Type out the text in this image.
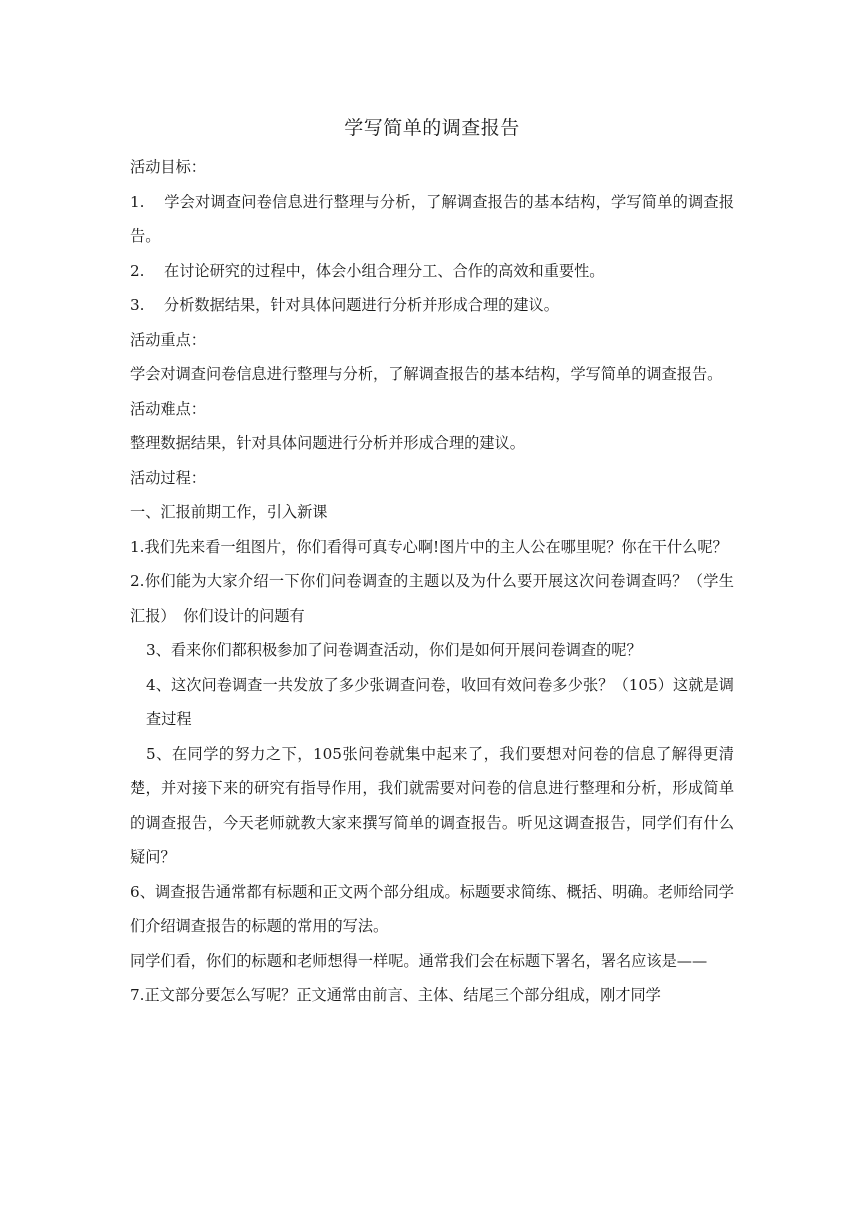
学写简单的调查报告

活动目标：

1. 学会对调查问卷信息进行整理与分析，了解调查报告的基本结构，学写简单的调查报告。

2. 在讨论研究的过程中，体会小组合理分工、合作的高效和重要性。

3. 分析数据结果，针对具体问题进行分析并形成合理的建议。

活动重点：

学会对调查问卷信息进行整理与分析，了解调查报告的基本结构，学写简单的调查报告。

活动难点：

整理数据结果，针对具体问题进行分析并形成合理的建议。

活动过程：

一、汇报前期工作，引入新课

1.我们先来看一组图片，你们看得可真专心啊!图片中的主人公在哪里呢？你在干什么呢？

2.你们能为大家介绍一下你们问卷调查的主题以及为什么要开展这次问卷调查吗？（学生汇报）　你们设计的问题有

3、看来你们都积极参加了问卷调查活动，你们是如何开展问卷调查的呢？

4、这次问卷调查一共发放了多少张调查问卷，收回有效问卷多少张？（105）这就是调查过程

5、在同学的努力之下，105张问卷就集中起来了，我们要想对问卷的信息了解得更清楚，并对接下来的研究有指导作用，我们就需要对问卷的信息进行整理和分析，形成简单的调查报告，今天老师就教大家来撰写简单的调查报告。听见这调查报告，同学们有什么疑问？

6、调查报告通常都有标题和正文两个部分组成。标题要求简练、概括、明确。老师给同学们介绍调查报告的标题的常用的写法。

同学们看，你们的标题和老师想得一样呢。通常我们会在标题下署名，署名应该是——

7.正文部分要怎么写呢？正文通常由前言、主体、结尾三个部分组成，刚才同学
